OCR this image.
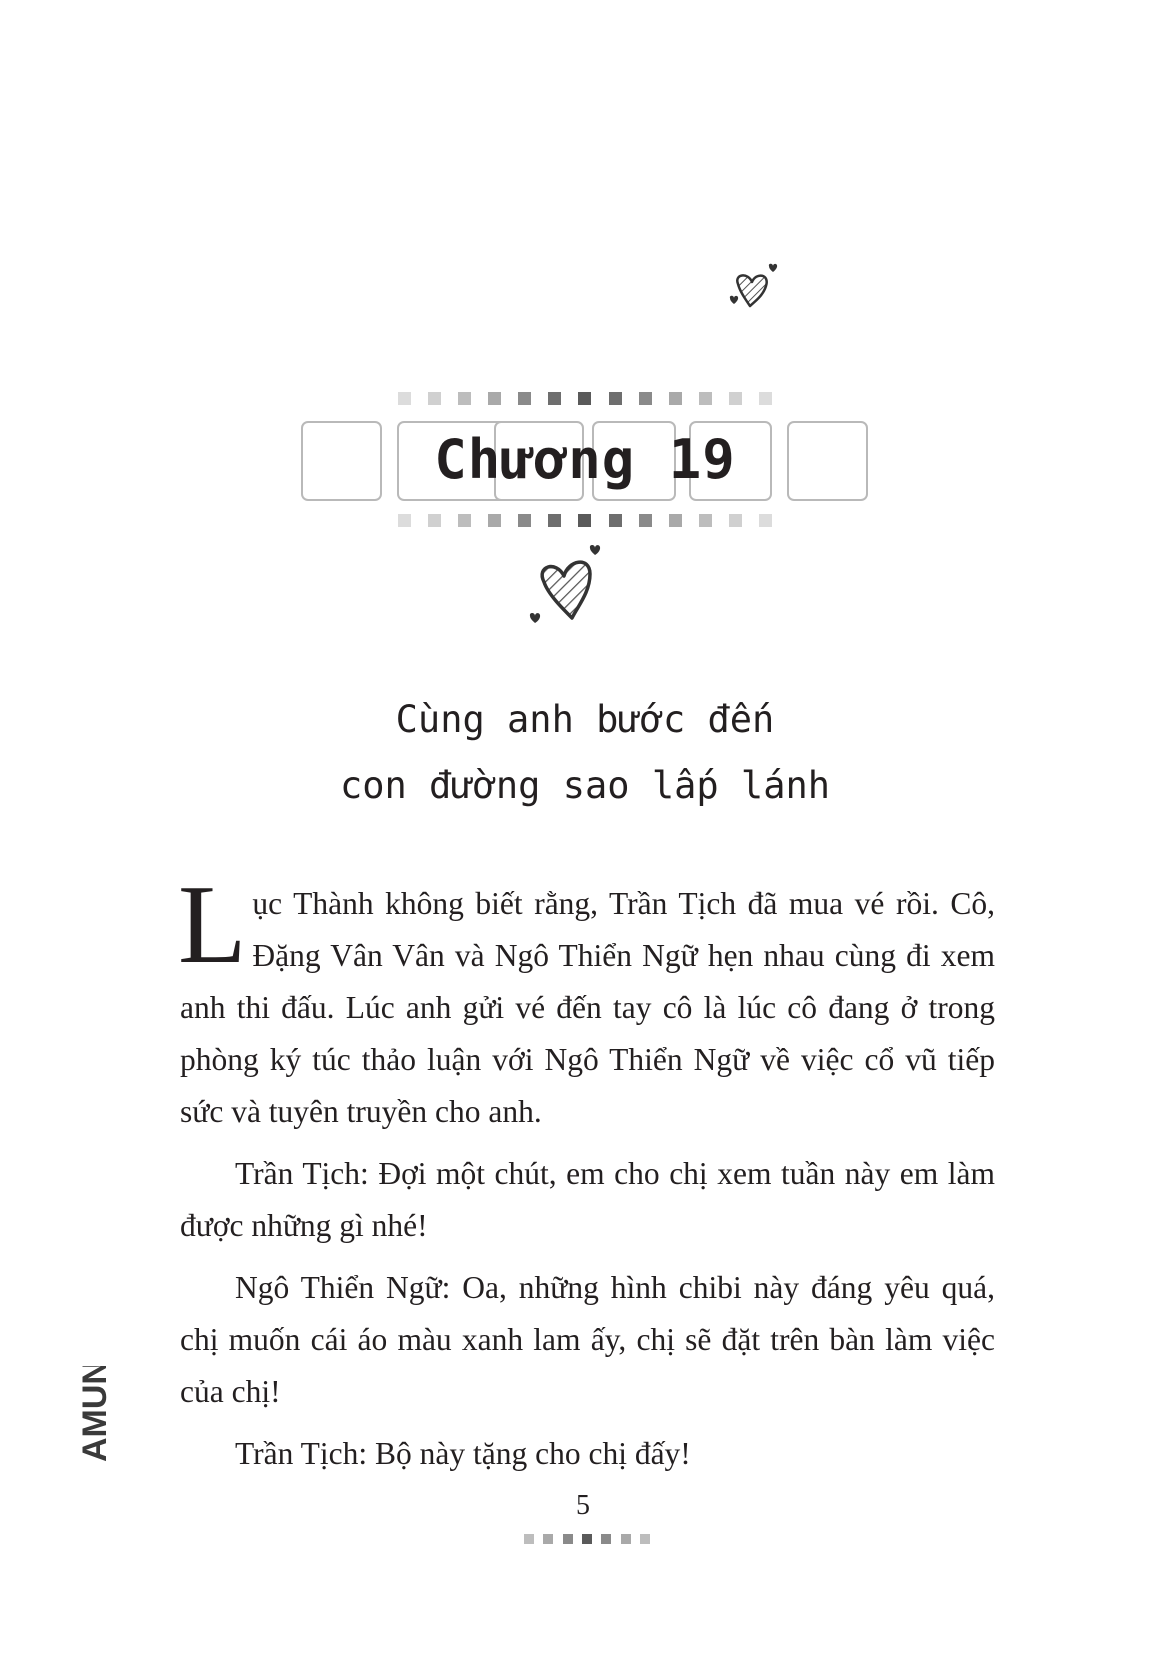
Chương 19
Cùng anh bước đến
con đường sao lấp lánh

Lục Thành không biết rằng, Trần Tịch đã mua vé rồi. Cô, Đặng Vân Vân và Ngô Thiển Ngữ hẹn nhau cùng đi xem anh thi đấu. Lúc anh gửi vé đến tay cô là lúc cô đang ở trong phòng ký túc thảo luận với Ngô Thiển Ngữ về việc cổ vũ tiếp sức và tuyên truyền cho anh.

Trần Tịch: Đợi một chút, em cho chị xem tuần này em làm được những gì nhé!

Ngô Thiển Ngữ: Oa, những hình chibi này đáng yêu quá, chị muốn cái áo màu xanh lam ấy, chị sẽ đặt trên bàn làm việc của chị!

Trần Tịch: Bộ này tặng cho chị đấy!

AMUN
5
